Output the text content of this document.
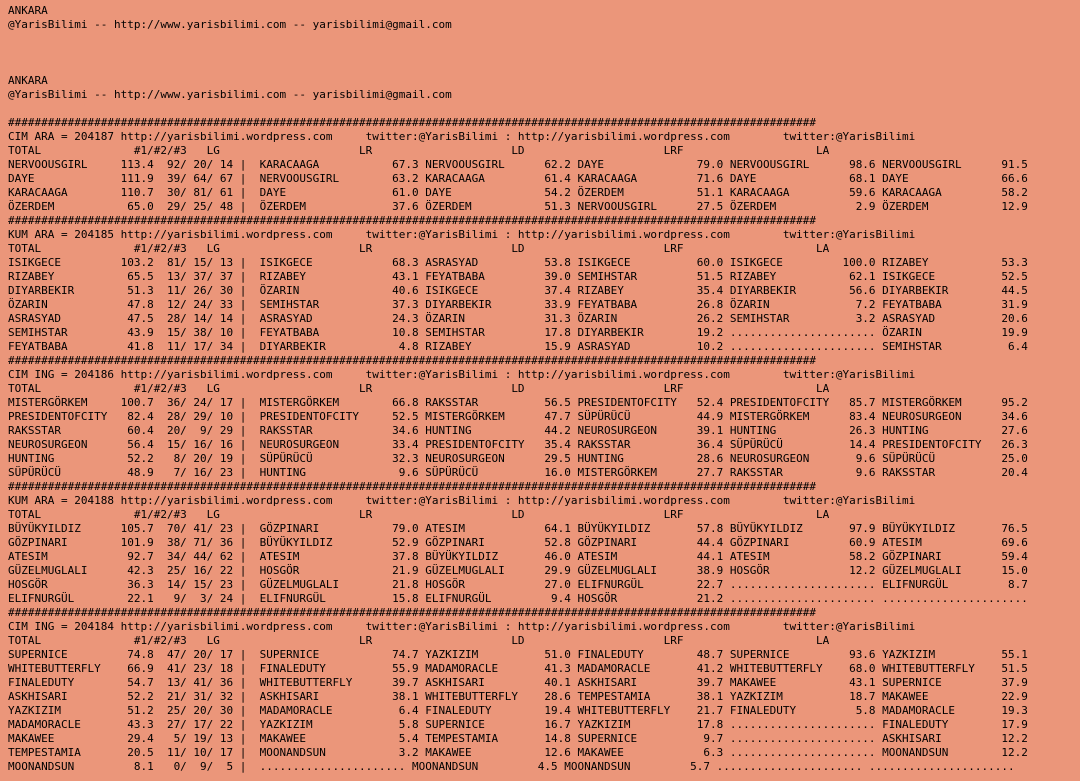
ANKARA
@YarisBilimi -- http://www.yarisbilimi.com -- yarisbilimi@gmail.com
ANKARA
@YarisBilimi -- http://www.yarisbilimi.com -- yarisbilimi@gmail.com
##########################################################################################################################
CIM ARA = 204187 http://yarisbilimi.wordpress.com     twitter:@YarisBilimi : http://yarisbilimi.wordpress.com        twitter:@YarisBilimi
TOTAL              #1/#2/#3   LG                     LR                     LD                     LRF                    LA
NERVOOUSGIRL     113.4  92/ 20/ 14 |  KARACAAGA           67.3 NERVOOUSGIRL      62.2 DAYE              79.0 NERVOOUSGIRL      98.6 NERVOOUSGIRL      91.5
DAYE             111.9  39/ 64/ 67 |  NERVOOUSGIRL        63.2 KARACAAGA         61.4 KARACAAGA         71.6 DAYE              68.1 DAYE              66.6
KARACAAGA        110.7  30/ 81/ 61 |  DAYE                61.0 DAYE              54.2 ÖZERDEM           51.1 KARACAAGA         59.6 KARACAAGA         58.2
ÖZERDEM           65.0  29/ 25/ 48 |  ÖZERDEM             37.6 ÖZERDEM           51.3 NERVOOUSGIRL      27.5 ÖZERDEM            2.9 ÖZERDEM           12.9
##########################################################################################################################
KUM ARA = 204185 http://yarisbilimi.wordpress.com     twitter:@YarisBilimi : http://yarisbilimi.wordpress.com        twitter:@YarisBilimi
TOTAL              #1/#2/#3   LG                     LR                     LD                     LRF                    LA
ISIKGECE         103.2  81/ 15/ 13 |  ISIKGECE            68.3 ASRASYAD          53.8 ISIKGECE          60.0 ISIKGECE         100.0 RIZABEY           53.3
RIZABEY           65.5  13/ 37/ 37 |  RIZABEY             43.1 FEYATBABA         39.0 SEMIHSTAR         51.5 RIZABEY           62.1 ISIKGECE          52.5
DIYARBEKIR        51.3  11/ 26/ 30 |  ÖZARIN              40.6 ISIKGECE          37.4 RIZABEY           35.4 DIYARBEKIR        56.6 DIYARBEKIR        44.5
ÖZARIN            47.8  12/ 24/ 33 |  SEMIHSTAR           37.3 DIYARBEKIR        33.9 FEYATBABA         26.8 ÖZARIN             7.2 FEYATBABA         31.9
ASRASYAD          47.5  28/ 14/ 14 |  ASRASYAD            24.3 ÖZARIN            31.3 ÖZARIN            26.2 SEMIHSTAR          3.2 ASRASYAD          20.6
SEMIHSTAR         43.9  15/ 38/ 10 |  FEYATBABA           10.8 SEMIHSTAR         17.8 DIYARBEKIR        19.2 ...................... ÖZARIN            19.9
FEYATBABA         41.8  11/ 17/ 34 |  DIYARBEKIR           4.8 RIZABEY           15.9 ASRASYAD          10.2 ...................... SEMIHSTAR          6.4
##########################################################################################################################
CIM ING = 204186 http://yarisbilimi.wordpress.com     twitter:@YarisBilimi : http://yarisbilimi.wordpress.com        twitter:@YarisBilimi
TOTAL              #1/#2/#3   LG                     LR                     LD                     LRF                    LA
MISTERGÖRKEM     100.7  36/ 24/ 17 |  MISTERGÖRKEM        66.8 RAKSSTAR          56.5 PRESIDENTOFCITY   52.4 PRESIDENTOFCITY   85.7 MISTERGÖRKEM      95.2
PRESIDENTOFCITY   82.4  28/ 29/ 10 |  PRESIDENTOFCITY     52.5 MISTERGÖRKEM      47.7 SÜPÜRÜCÜ          44.9 MISTERGÖRKEM      83.4 NEUROSURGEON      34.6
RAKSSTAR          60.4  20/  9/ 29 |  RAKSSTAR            34.6 HUNTING           44.2 NEUROSURGEON      39.1 HUNTING           26.3 HUNTING           27.6
NEUROSURGEON      56.4  15/ 16/ 16 |  NEUROSURGEON        33.4 PRESIDENTOFCITY   35.4 RAKSSTAR          36.4 SÜPÜRÜCÜ          14.4 PRESIDENTOFCITY   26.3
HUNTING           52.2   8/ 20/ 19 |  SÜPÜRÜCÜ            32.3 NEUROSURGEON      29.5 HUNTING           28.6 NEUROSURGEON       9.6 SÜPÜRÜCÜ          25.0
SÜPÜRÜCÜ          48.9   7/ 16/ 23 |  HUNTING              9.6 SÜPÜRÜCÜ          16.0 MISTERGÖRKEM      27.7 RAKSSTAR           9.6 RAKSSTAR          20.4
##########################################################################################################################
KUM ARA = 204188 http://yarisbilimi.wordpress.com     twitter:@YarisBilimi : http://yarisbilimi.wordpress.com        twitter:@YarisBilimi
TOTAL              #1/#2/#3   LG                     LR                     LD                     LRF                    LA
BÜYÜKYILDIZ      105.7  70/ 41/ 23 |  GÖZPINARI           79.0 ATESIM            64.1 BÜYÜKYILDIZ       57.8 BÜYÜKYILDIZ       97.9 BÜYÜKYILDIZ       76.5
GÖZPINARI        101.9  38/ 71/ 36 |  BÜYÜKYILDIZ         52.9 GÖZPINARI         52.8 GÖZPINARI         44.4 GÖZPINARI         60.9 ATESIM            69.6
ATESIM            92.7  34/ 44/ 62 |  ATESIM              37.8 BÜYÜKYILDIZ       46.0 ATESIM            44.1 ATESIM            58.2 GÖZPINARI         59.4
GÜZELMUGLALI      42.3  25/ 16/ 22 |  HOSGÖR              21.9 GÜZELMUGLALI      29.9 GÜZELMUGLALI      38.9 HOSGÖR            12.2 GÜZELMUGLALI      15.0
HOSGÖR            36.3  14/ 15/ 23 |  GÜZELMUGLALI        21.8 HOSGÖR            27.0 ELIFNURGÜL        22.7 ...................... ELIFNURGÜL         8.7
ELIFNURGÜL        22.1   9/  3/ 24 |  ELIFNURGÜL          15.8 ELIFNURGÜL         9.4 HOSGÖR            21.2 ...................... ......................
##########################################################################################################################
CIM ING = 204184 http://yarisbilimi.wordpress.com     twitter:@YarisBilimi : http://yarisbilimi.wordpress.com        twitter:@YarisBilimi
TOTAL              #1/#2/#3   LG                     LR                     LD                     LRF                    LA
SUPERNICE         74.8  47/ 20/ 17 |  SUPERNICE           74.7 YAZKIZIM          51.0 FINALEDUTY        48.7 SUPERNICE         93.6 YAZKIZIM          55.1
WHITEBUTTERFLY    66.9  41/ 23/ 18 |  FINALEDUTY          55.9 MADAMORACLE       41.3 MADAMORACLE       41.2 WHITEBUTTERFLY    68.0 WHITEBUTTERFLY    51.5
FINALEDUTY        54.7  13/ 41/ 36 |  WHITEBUTTERFLY      39.7 ASKHISARI         40.1 ASKHISARI         39.7 MAKAWEE           43.1 SUPERNICE         37.9
ASKHISARI         52.2  21/ 31/ 32 |  ASKHISARI           38.1 WHITEBUTTERFLY    28.6 TEMPESTAMIA       38.1 YAZKIZIM          18.7 MAKAWEE           22.9
YAZKIZIM          51.2  25/ 20/ 30 |  MADAMORACLE          6.4 FINALEDUTY        19.4 WHITEBUTTERFLY    21.7 FINALEDUTY         5.8 MADAMORACLE       19.3
MADAMORACLE       43.3  27/ 17/ 22 |  YAZKIZIM             5.8 SUPERNICE         16.7 YAZKIZIM          17.8 ...................... FINALEDUTY        17.9
MAKAWEE           29.4   5/ 19/ 13 |  MAKAWEE              5.4 TEMPESTAMIA       14.8 SUPERNICE          9.7 ...................... ASKHISARI         12.2
TEMPESTAMIA       20.5  11/ 10/ 17 |  MOONANDSUN           3.2 MAKAWEE           12.6 MAKAWEE            6.3 ...................... MOONANDSUN        12.2
MOONANDSUN         8.1   0/  9/  5 |  ...................... MOONANDSUN         4.5 MOONANDSUN         5.7 ...................... ......................
